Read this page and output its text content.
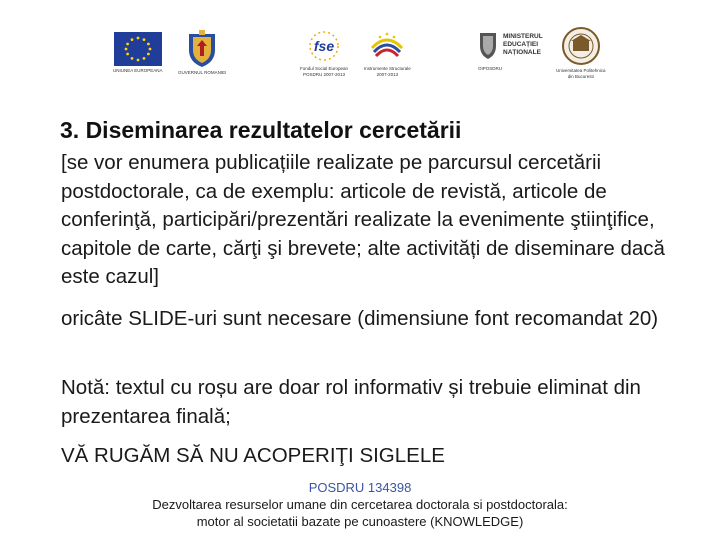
UNIUNEA EUROPEANA	GUVERNUL ROMANIEI
fse
Fondul Social European
POSDRU 2007-2013
Instrumente Structurale
2007-2013
MINISTERUL
EDUCAȚIEI
NAȚIONALE
OIPOSDRU	Universitatea Politehnica
din Bucuresti
3. Diseminarea rezultatelor cercetării
[se vor enumera publicațiile realizate pe parcursul cercetării postdoctorale, ca de exemplu: articole de revistă, articole de conferinţă, participări/prezentări realizate la evenimente ştiinţifice, capitole de carte, cărţi şi brevete; alte activități de diseminare dacă este cazul]
oricâte SLIDE-uri sunt necesare (dimensiune font recomandat 20)
Notă: textul cu roșu are doar rol informativ și trebuie eliminat din prezentarea finală;
VĂ RUGĂM SĂ NU ACOPERIŢI SIGLELE
POSDRU 134398
Dezvoltarea resurselor umane din cercetarea doctorala si postdoctorala:
motor al societatii bazate pe cunoastere (KNOWLEDGE)
